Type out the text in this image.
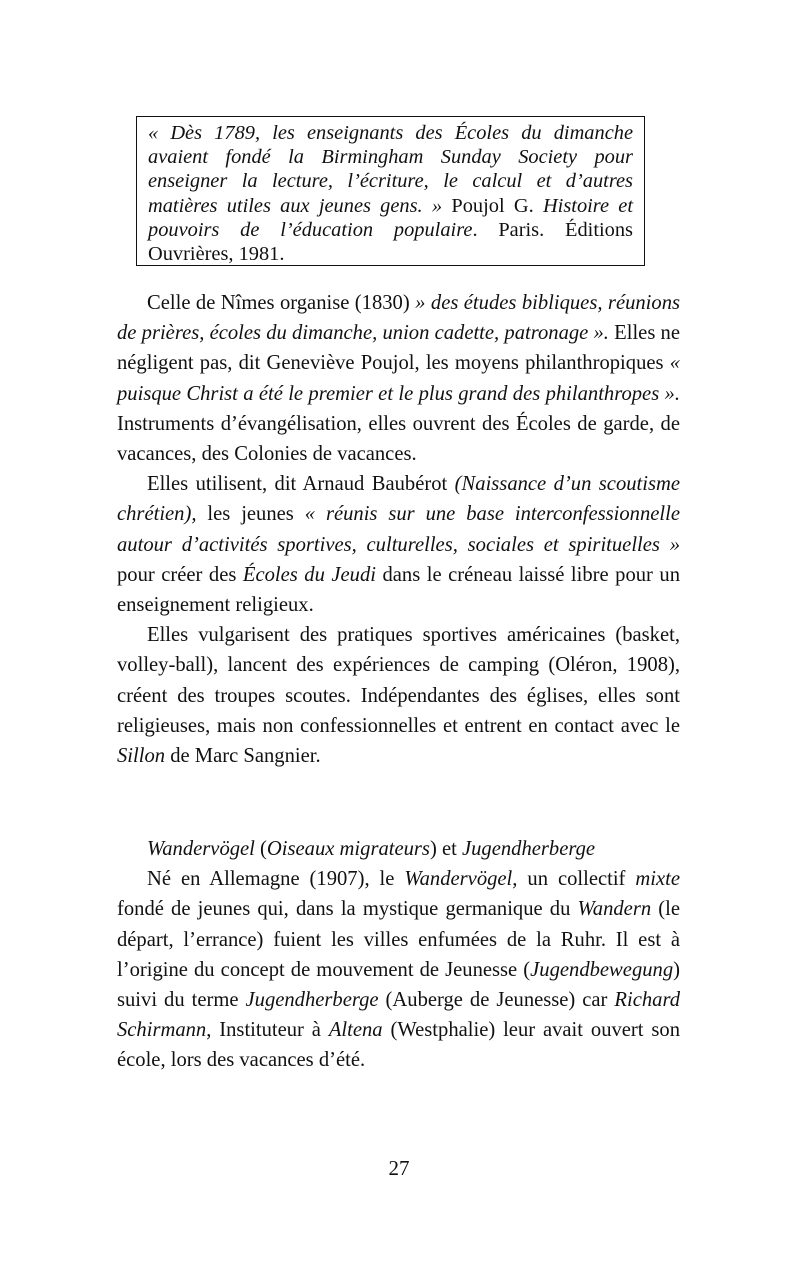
« Dès 1789, les enseignants des Écoles du dimanche avaient fondé la Birmingham Sunday Society pour enseigner la lecture, l’écriture, le calcul et d’autres matières utiles aux jeunes gens. » Poujol G. Histoire et pouvoirs de l’éducation populaire. Paris. Éditions Ouvrières, 1981.

Celle de Nîmes organise (1830) » des études bibliques, réunions de prières, écoles du dimanche, union cadette, patronage ». Elles ne négligent pas, dit Geneviève Poujol, les moyens philanthropiques « puisque Christ a été le premier et le plus grand des philanthropes ». Instruments d’évangélisation, elles ouvrent des Écoles de garde, de vacances, des Colonies de vacances.

Elles utilisent, dit Arnaud Baubérot (Naissance d’un scoutisme chrétien), les jeunes « réunis sur une base interconfessionnelle autour d’activités sportives, culturelles, sociales et spirituelles » pour créer des Écoles du Jeudi dans le créneau laissé libre pour un enseignement religieux.

Elles vulgarisent des pratiques sportives américaines (basket, volley-ball), lancent des expériences de camping (Oléron, 1908), créent des troupes scoutes. Indépendantes des églises, elles sont religieuses, mais non confessionnelles et entrent en contact avec le Sillon de Marc Sangnier.

Wandervögel (Oiseaux migrateurs) et Jugendherberge

Né en Allemagne (1907), le Wandervögel, un collectif mixte fondé de jeunes qui, dans la mystique germanique du Wandern (le départ, l’errance) fuient les villes enfumées de la Ruhr. Il est à l’origine du concept de mouvement de Jeunesse (Jugendbewegung) suivi du terme Jugendherberge (Auberge de Jeunesse) car Richard Schirmann, Instituteur à Altena (Westphalie) leur avait ouvert son école, lors des vacances d’été.

27
